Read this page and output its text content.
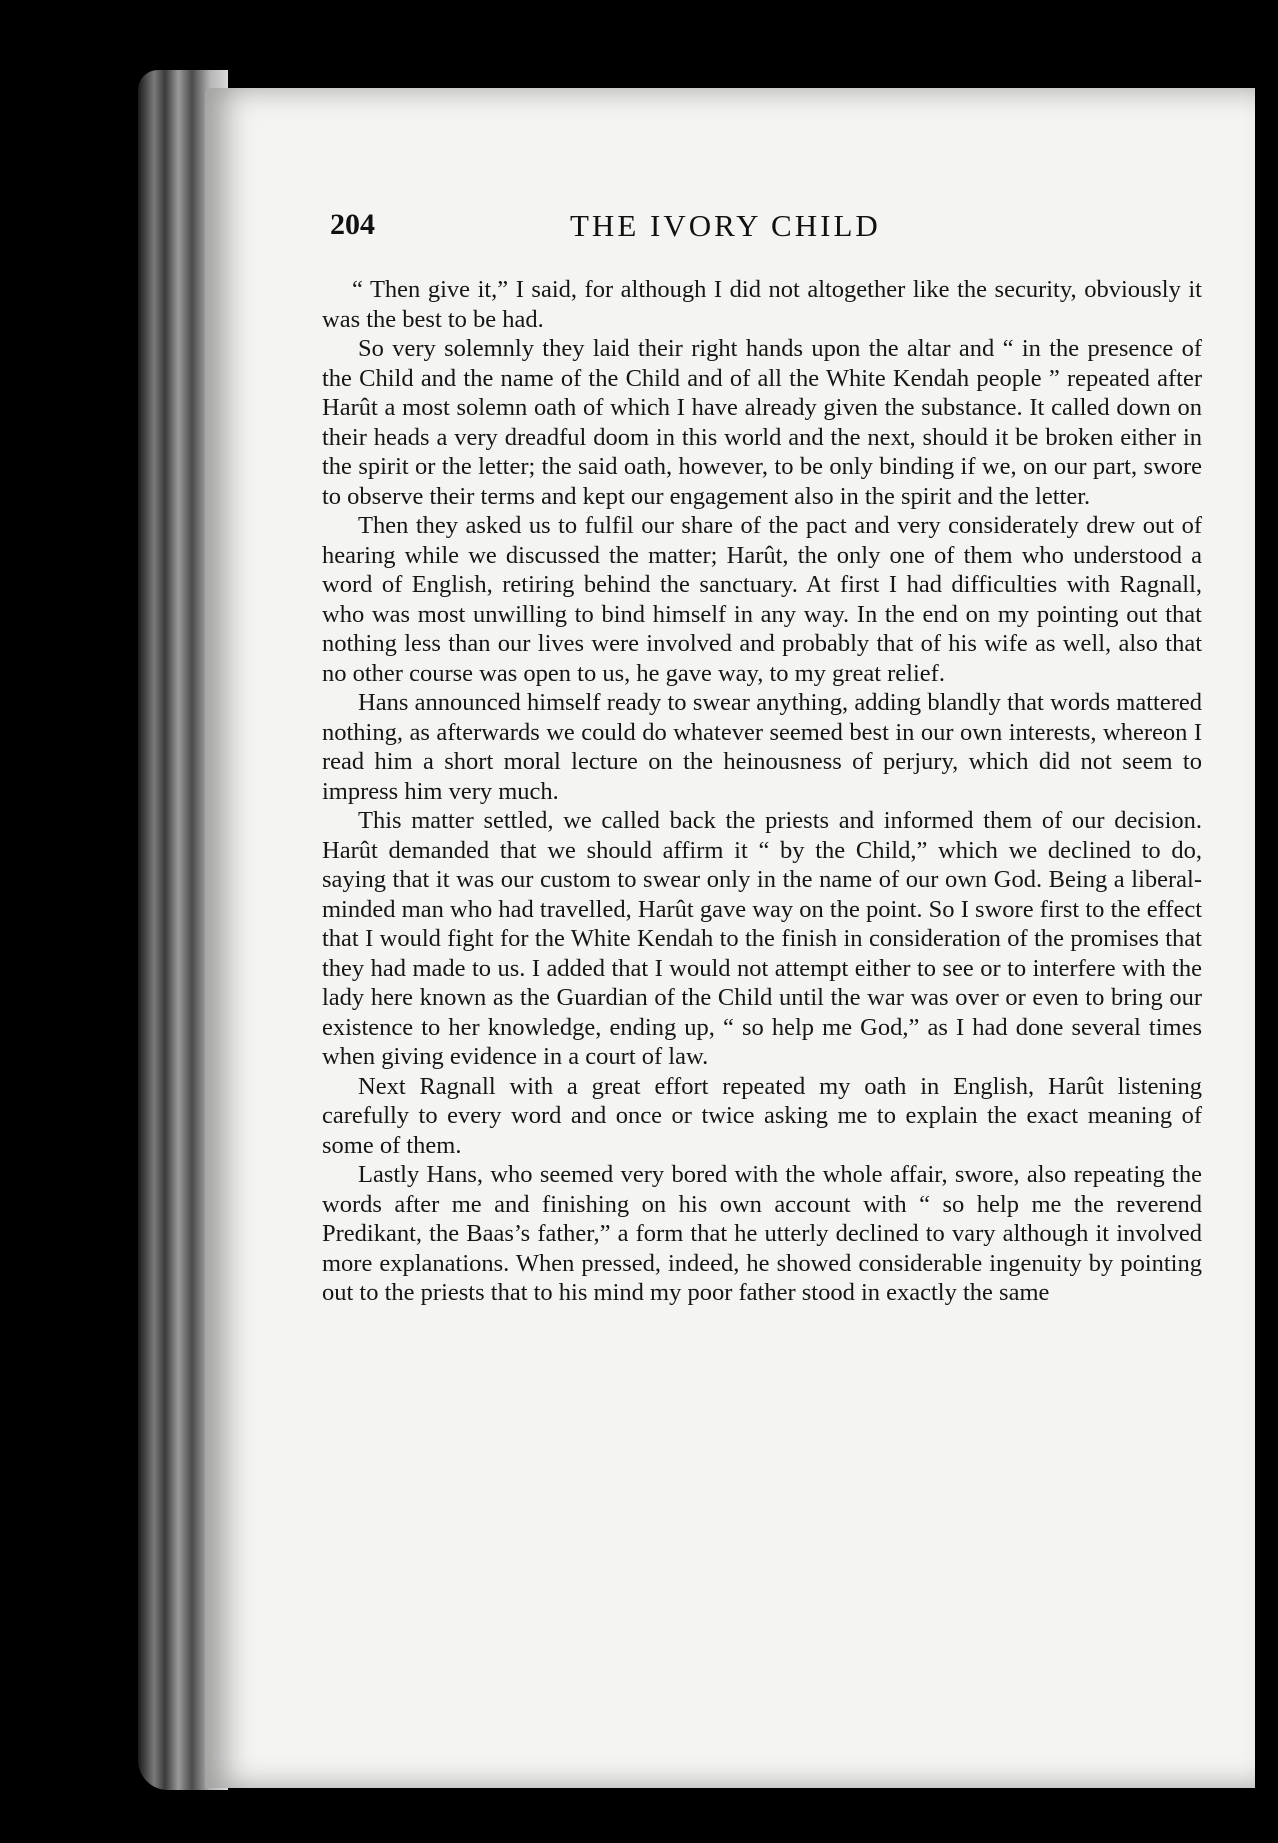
204	THE IVORY CHILD

“ Then give it,” I said, for although I did not altogether like the security, obviously it was the best to be had.

So very solemnly they laid their right hands upon the altar and “ in the presence of the Child and the name of the Child and of all the White Kendah people ” repeated after Harût a most solemn oath of which I have already given the substance. It called down on their heads a very dreadful doom in this world and the next, should it be broken either in the spirit or the letter; the said oath, however, to be only binding if we, on our part, swore to observe their terms and kept our engagement also in the spirit and the letter.

Then they asked us to fulfil our share of the pact and very considerately drew out of hearing while we discussed the matter; Harût, the only one of them who understood a word of English, retiring behind the sanctuary. At first I had difficulties with Ragnall, who was most unwilling to bind himself in any way. In the end on my pointing out that nothing less than our lives were involved and probably that of his wife as well, also that no other course was open to us, he gave way, to my great relief.

Hans announced himself ready to swear anything, adding blandly that words mattered nothing, as afterwards we could do whatever seemed best in our own interests, whereon I read him a short moral lecture on the heinousness of perjury, which did not seem to impress him very much.

This matter settled, we called back the priests and informed them of our decision. Harût demanded that we should affirm it “ by the Child,” which we declined to do, saying that it was our custom to swear only in the name of our own God. Being a liberal-minded man who had travelled, Harût gave way on the point. So I swore first to the effect that I would fight for the White Kendah to the finish in consideration of the promises that they had made to us. I added that I would not attempt either to see or to interfere with the lady here known as the Guardian of the Child until the war was over or even to bring our existence to her knowledge, ending up, “ so help me God,” as I had done several times when giving evidence in a court of law.

Next Ragnall with a great effort repeated my oath in English, Harût listening carefully to every word and once or twice asking me to explain the exact meaning of some of them.

Lastly Hans, who seemed very bored with the whole affair, swore, also repeating the words after me and finishing on his own account with “ so help me the reverend Predikant, the Baas’s father,” a form that he utterly declined to vary although it involved more explanations. When pressed, indeed, he showed considerable ingenuity by pointing out to the priests that to his mind my poor father stood in exactly the same
